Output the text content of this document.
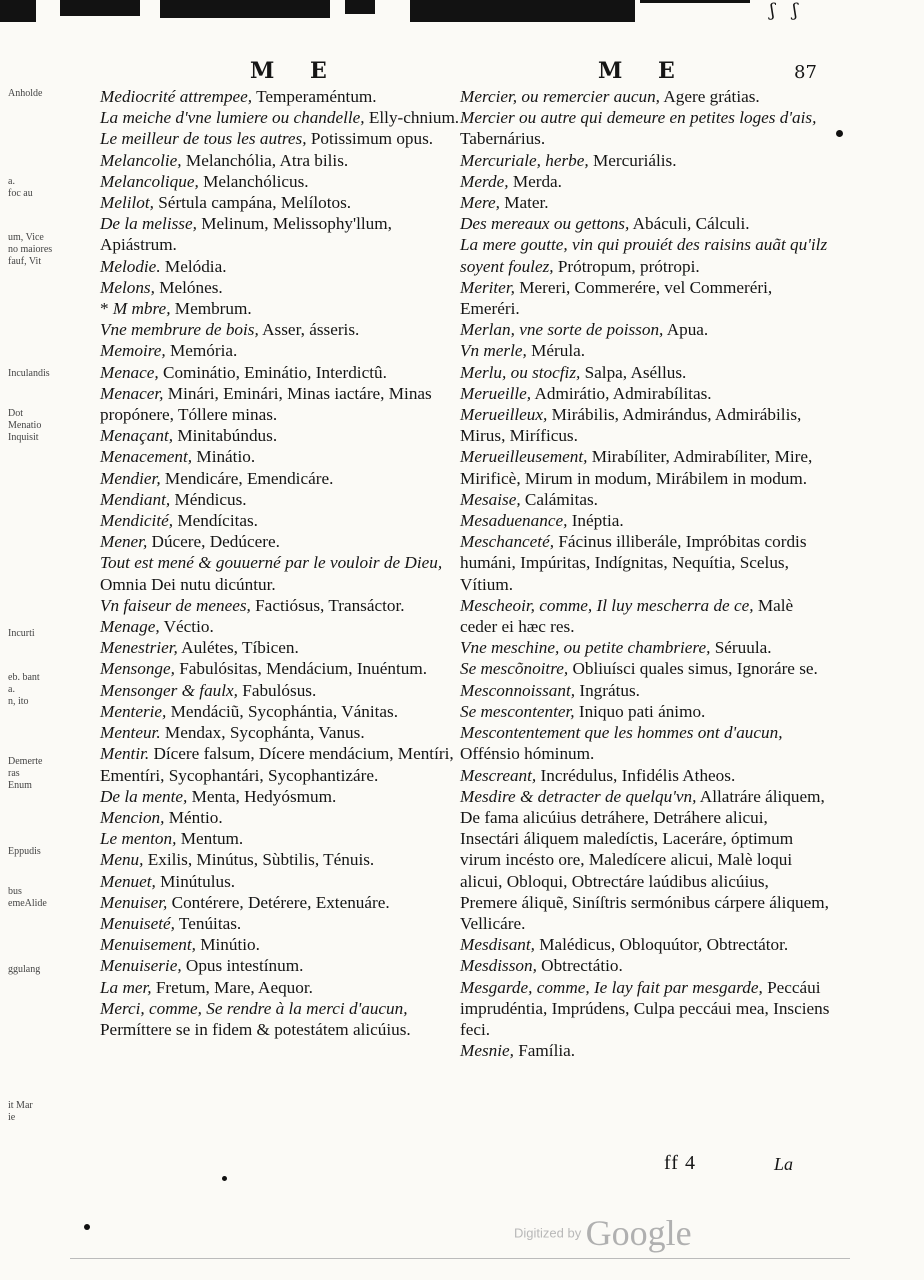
ʃ ʃ
M E	M E	87
Mediocrité attrempee, Temperaméntum.
La meiche d'vne lumiere ou chandelle, Elly-chnium.
Le meilleur de tous les autres, Potissimum opus.
Melancolie, Melanchólia, Atra bilis.
Melancolique, Melanchólicus.
Melilot, Sértula campána, Melílotos.
De la melisse, Melinum, Melissophy'llum, Apiástrum.
Melodie. Melódia.
Melons, Melónes.
* M mbre, Membrum.
Vne membrure de bois, Asser, ásseris.
Memoire, Memória.
Menace, Cominátio, Eminátio, Interdictû.
Menacer, Minári, Eminári, Minas iactáre, Minas propónere, Tóllere minas.
Menaçant, Minitabúndus.
Menacement, Minátio.
Mendier, Mendicáre, Emendicáre.
Mendiant, Méndicus.
Mendicité, Mendícitas.
Mener, Dúcere, Dedúcere.
Tout est mené & gouuerné par le vouloir de Dieu, Omnia Dei nutu dicúntur.
Vn faiseur de menees, Factiósus, Transáctor.
Menage, Véctio.
Menestrier, Aulétes, Tíbicen.
Mensonge, Fabulósitas, Mendácium, Inuéntum.
Mensonger & faulx, Fabulósus.
Menterie, Mendáciũ, Sycophántia, Vánitas.
Menteur. Mendax, Sycophánta, Vanus.
Mentir. Dícere falsum, Dícere mendácium, Mentíri, Ementíri, Sycophantári, Sycophantizáre.
De la mente, Menta, Hedyósmum.
Mencion, Méntio.
Le menton, Mentum.
Menu, Exilis, Minútus, Sùbtilis, Ténuis.
Menuet, Minútulus.
Menuiser, Contérere, Detérere, Extenuáre.
Menuiseté, Tenúitas.
Menuisement, Minútio.
Menuiserie, Opus intestínum.
La mer, Fretum, Mare, Aequor.
Merci, comme, Se rendre à la merci d'aucun, Permíttere se in fidem & potestátem alicúius.
Mercier, ou remercier aucun, Agere grátias.
Mercier ou autre qui demeure en petites loges d'ais, Tabernárius.
Mercuriale, herbe, Mercuriális.
Merde, Merda.
Mere, Mater.
Des mereaux ou gettons, Abáculi, Cálculi.
La mere goutte, vin qui prouiét des raisins auãt qu'ilz soyent foulez, Prótropum, prótropi.
Meriter, Mereri, Commerére, vel Commeréri, Emeréri.
Merlan, vne sorte de poisson, Apua.
Vn merle, Mérula.
Merlu, ou stocfiz, Salpa, Aséllus.
Merueille, Admirátio, Admirabílitas.
Merueilleux, Mirábilis, Admirándus, Admirábilis, Mirus, Miríficus.
Merueilleusement, Mirabíliter, Admirabíliter, Mire, Mirificè, Mirum in modum, Mirábilem in modum.
Mesaise, Calámitas.
Mesaduenance, Inéptia.
Meschanceté, Fácinus illiberále, Impróbitas cordis humáni, Impúritas, Indígnitas, Nequítia, Scelus, Vítium.
Mescheoir, comme, Il luy mescherra de ce, Malè ceder ei hæc res.
Vne meschine, ou petite chambriere, Séruula.
Se mescõnoitre, Obliuísci quales simus, Ignoráre se.
Mesconnoissant, Ingrátus.
Se mescontenter, Iniquo pati ánimo.
Mescontentement que les hommes ont d'aucun, Offénsio hóminum.
Mescreant, Incrédulus, Infidélis Atheos.
Mesdire & detracter de quelqu'vn, Allatráre áliquem, De fama alicúius detráhere, Detráhere alicui, Insectári áliquem maledíctis, Laceráre, óptimum virum incésto ore, Maledícere alicui, Malè loqui alicui, Obloqui, Obtrectáre laúdibus alicúius, Premere áliquẽ, Siníſtris sermónibus cárpere áliquem, Vellicáre.
Mesdisant, Malédicus, Obloquútor, Obtrectátor.
Mesdisson, Obtrectátio.
Mesgarde, comme, Ie lay fait par mesgarde, Peccáui imprudéntia, Imprúdens, Culpa peccáui mea, Insciens feci.
Mesnie, Família.
Anholde
a.
foc au
um, Vice
no maiores
fauf, Vit
Inculandis
Dot
Menatio
Inquisit
Incurti
eb. bant
a.
n, ito
Demerte
ras
Enum
Eppudis
bus
emeAlide
ggulang
it Mar
ie
ff 4	La
Digitized by Google
